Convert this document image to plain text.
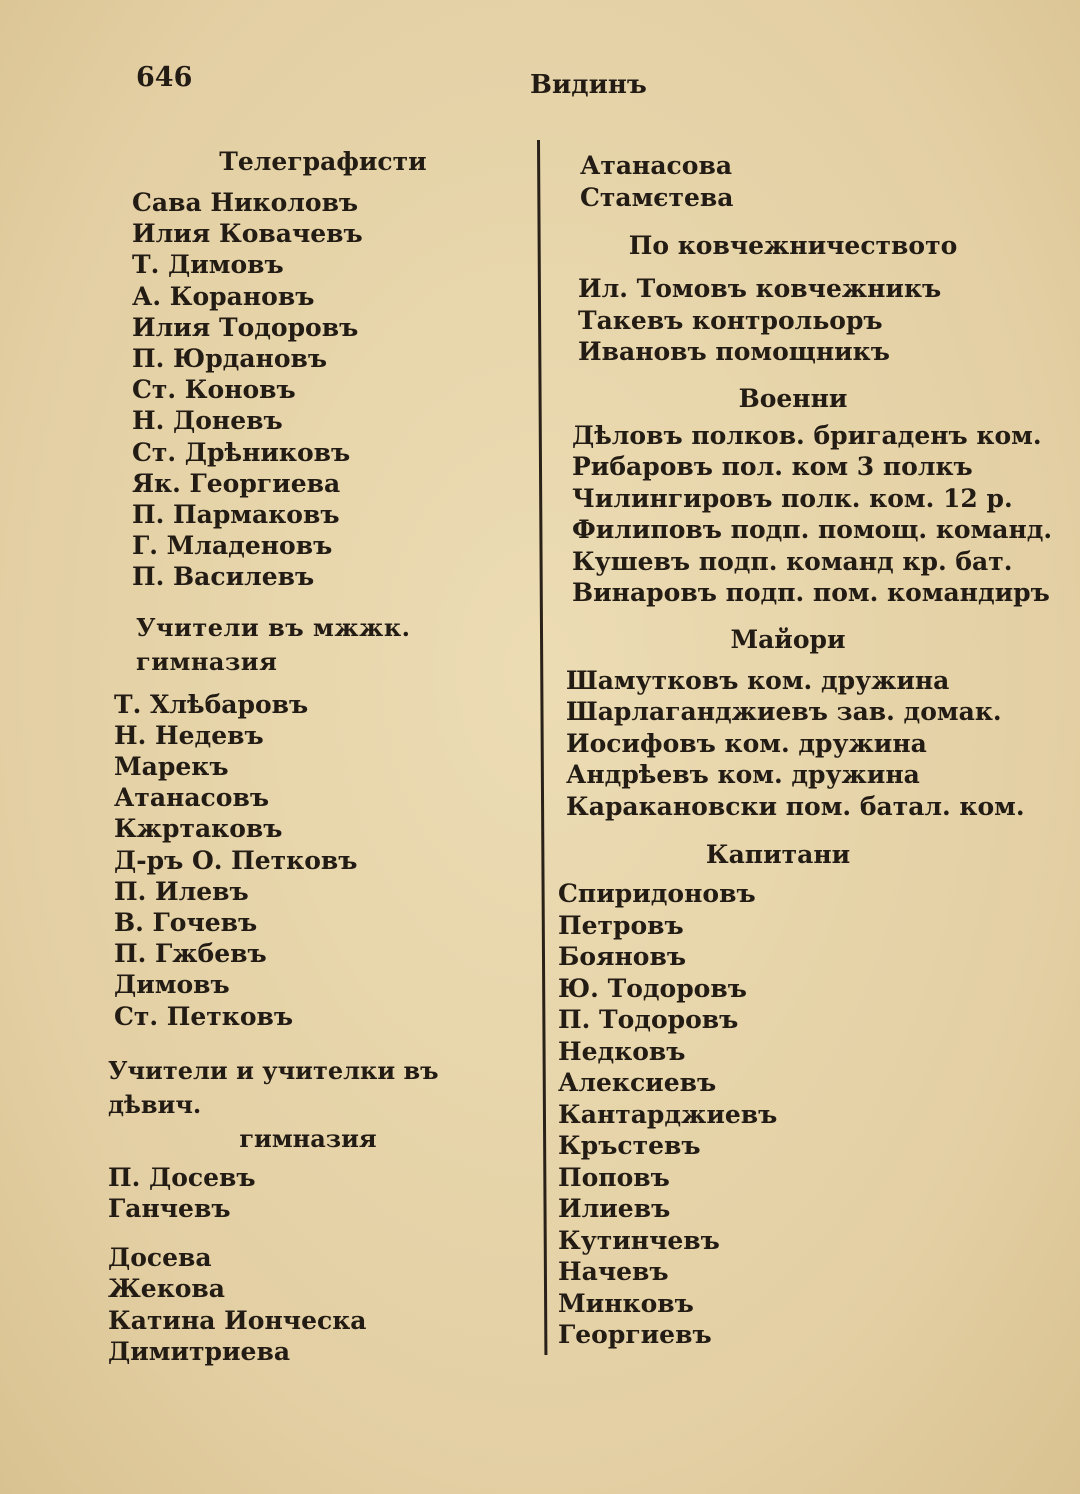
646	Видинъ
Телеграфисти
Сава Николовъ
Илия Ковачевъ
Т. Димовъ
А. Корановъ
Илия Тодоровъ
П. Юрдановъ
Ст. Коновъ
Н. Доневъ
Ст. Дрѣниковъ
Як. Георгиева
П. Пармаковъ
Г. Младеновъ
П. Василевъ
Учители въ мжжк. гимназия
Т. Хлѣбаровъ
Н. Недевъ
Марекъ
Атанасовъ
Кжртаковъ
Д-ръ О. Петковъ
П. Илевъ
В. Гочевъ
П. Гжбевъ
Димовъ
Ст. Петковъ
Учители и учителки въ дѣвич.
гимназия
П. Досевъ
Ганчевъ
Досева
Жекова
Катина Ионческа
Димитриева
Атанасова
Стамєтева
По ковчежничеството
Ил. Томовъ ковчежникъ
Такевъ контрольоръ
Ивановъ помощникъ
Военни
Дѣловъ полков. бригаденъ ком.
Рибаровъ пол. ком 3 полкъ
Чилингировъ полк. ком. 12 р.
Филиповъ подп. помощ. команд.
Кушевъ подп. команд кр. бат.
Винаровъ подп. пом. командиръ
Майори
Шамутковъ ком. дружина
Шарлаганджиевъ зав. домак.
Иосифовъ ком. дружина
Андрѣевъ ком. дружина
Каракановски пом. батал. ком.
Капитани
Спиридоновъ
Петровъ
Бояновъ
Ю. Тодоровъ
П. Тодоровъ
Недковъ
Алексиевъ
Кантарджиевъ
Кръстевъ
Поповъ
Илиевъ
Кутинчевъ
Начевъ
Минковъ
Георгиевъ
